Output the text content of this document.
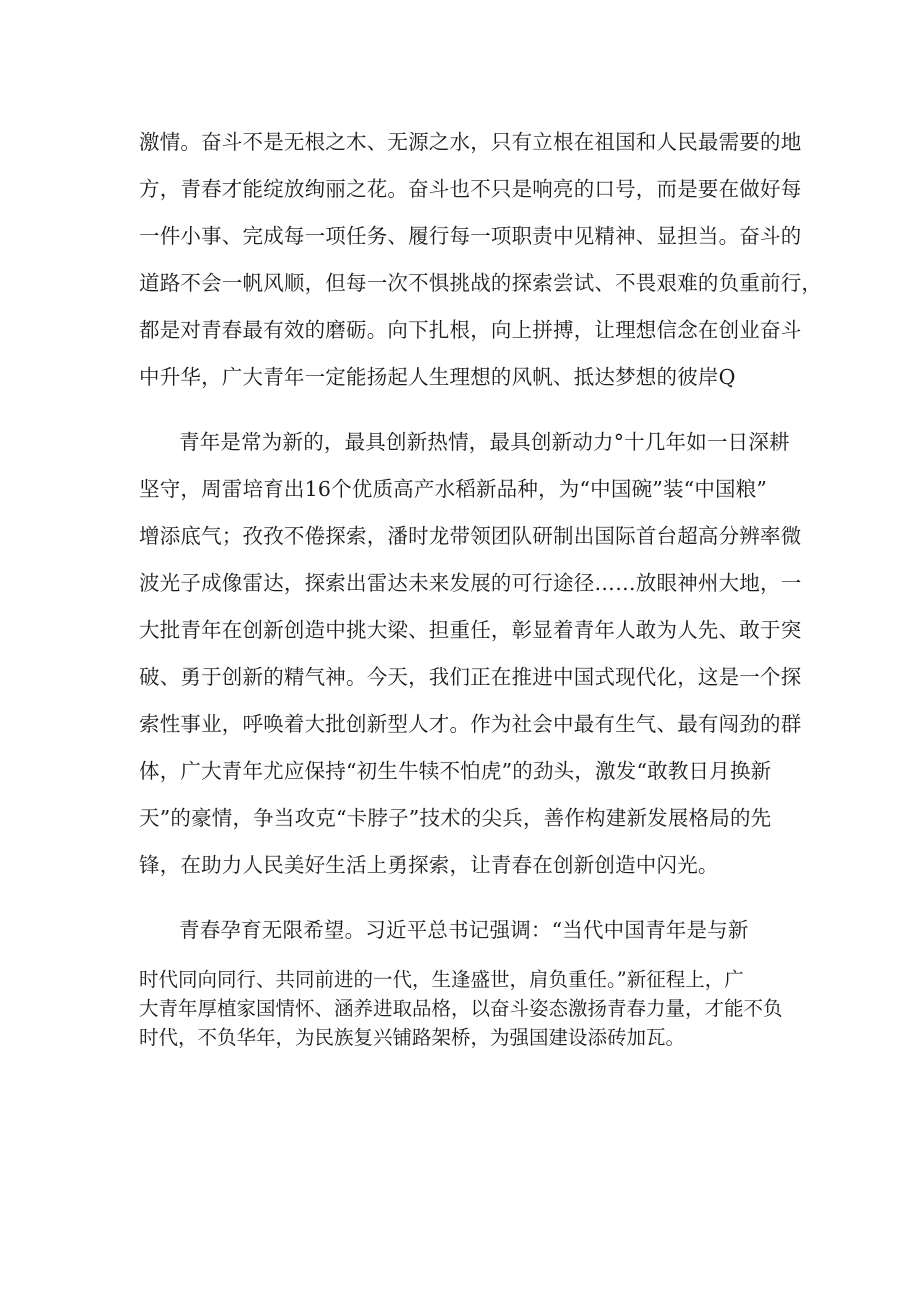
激情。奋斗不是无根之木、无源之水，只有立根在祖国和人民最需要的地
方，青春才能绽放绚丽之花。奋斗也不只是响亮的口号，而是要在做好每
一件小事、完成每一项任务、履行每一项职责中见精神、显担当。奋斗的
道路不会一帆风顺，但每一次不惧挑战的探索尝试、不畏艰难的负重前行，
都是对青春最有效的磨砺。向下扎根，向上拼搏，让理想信念在创业奋斗
中升华，广大青年一定能扬起人生理想的风帆、抵达梦想的彼岸Q
青年是常为新的，最具创新热情，最具创新动力°十几年如一日深耕
坚守，周雷培育出16个优质高产水稻新品种，为“中国碗”装“中国粮”
增添底气；孜孜不倦探索，潘时龙带领团队研制出国际首台超高分辨率微
波光子成像雷达，探索出雷达未来发展的可行途径……放眼神州大地，一
大批青年在创新创造中挑大梁、担重任，彰显着青年人敢为人先、敢于突
破、勇于创新的精气神。今天，我们正在推进中国式现代化，这是一个探
索性事业，呼唤着大批创新型人才。作为社会中最有生气、最有闯劲的群
体，广大青年尤应保持“初生牛犊不怕虎”的劲头，激发“敢教日月换新
天”的豪情，争当攻克“卡脖子”技术的尖兵，善作构建新发展格局的先
锋，在助力人民美好生活上勇探索，让青春在创新创造中闪光。
青春孕育无限希望。习近平总书记强调：“当代中国青年是与新
时代同向同行、共同前进的一代，生逢盛世，肩负重任。”新征程上，广
大青年厚植家国情怀、涵养进取品格，以奋斗姿态激扬青春力量，才能不负
时代，不负华年，为民族复兴铺路架桥，为强国建设添砖加瓦。
